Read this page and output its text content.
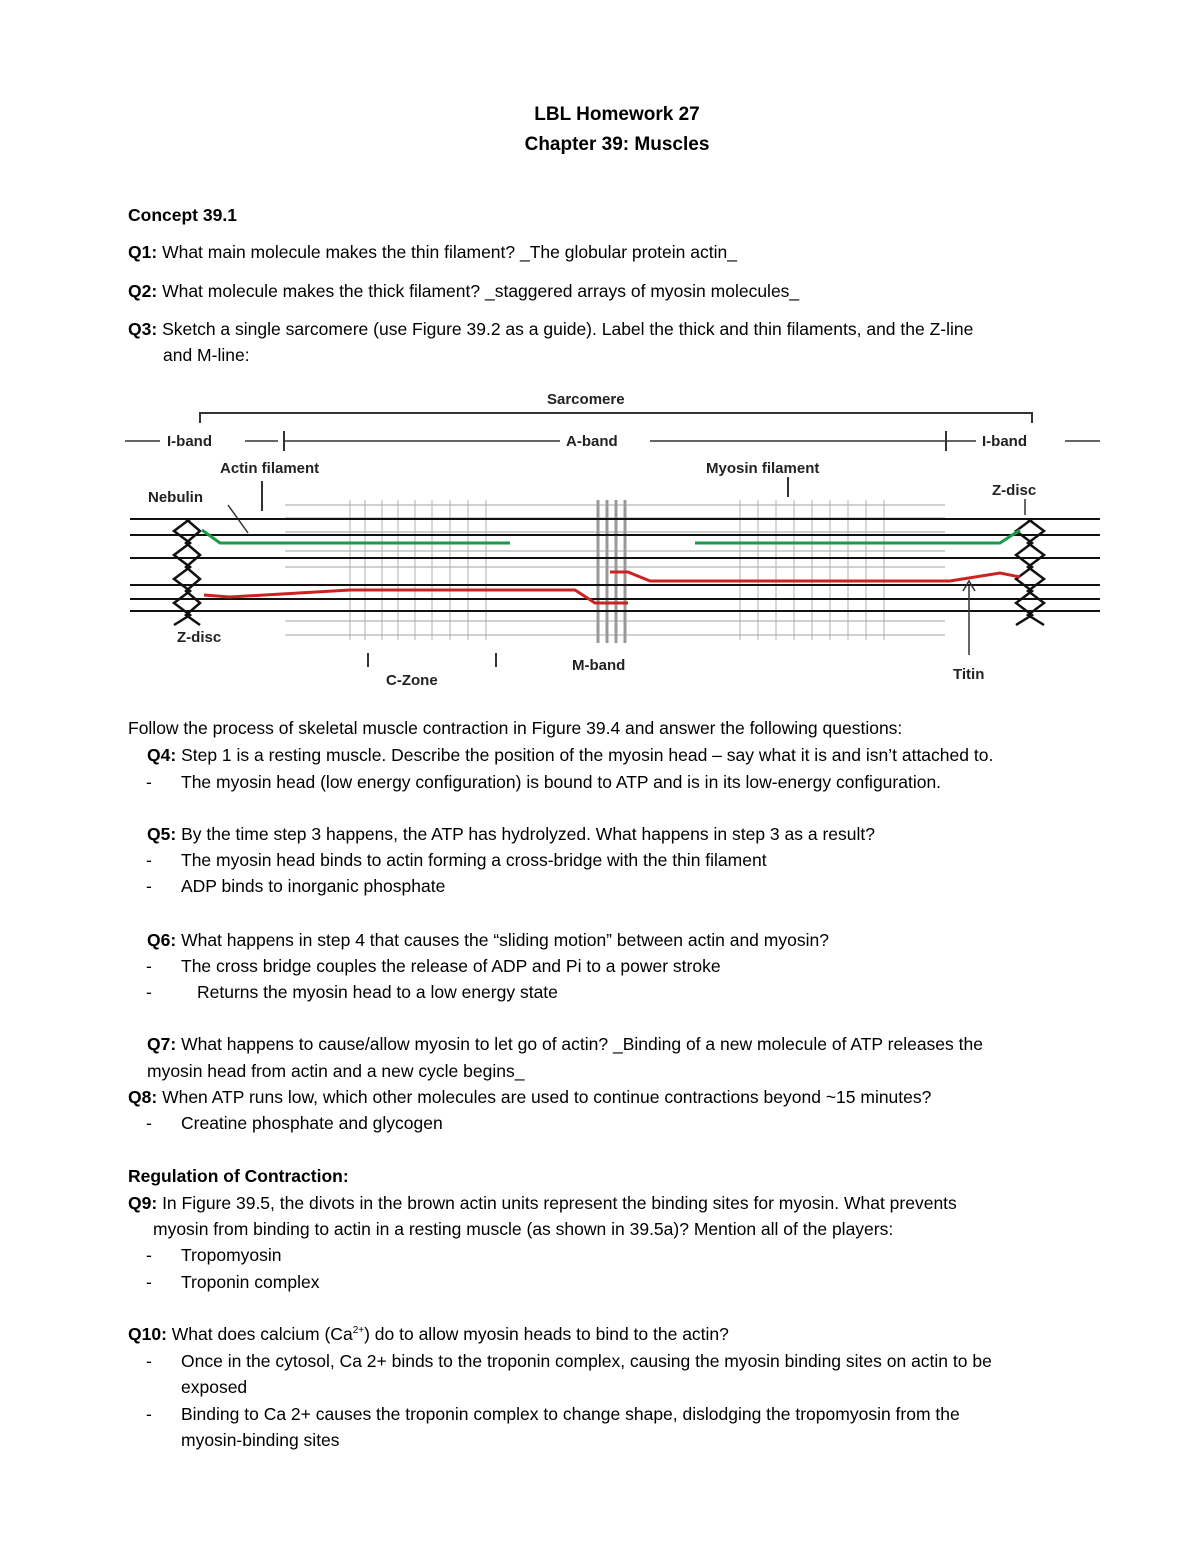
LBL Homework 27
Chapter 39: Muscles
Concept 39.1
Q1: What main molecule makes the thin filament? _The globular protein actin_
Q2: What molecule makes the thick filament? _staggered arrays of myosin molecules_
Q3: Sketch a single sarcomere (use Figure 39.2 as a guide). Label the thick and thin filaments, and the Z-line
and M-line:
Sarcomere
I-band	A-band	I-band
Actin filament	Myosin filament
Nebulin	Z-disc
Z-disc
C-Zone
M-band
Titin
Follow the process of skeletal muscle contraction in Figure 39.4 and answer the following questions:
Q4: Step 1 is a resting muscle. Describe the position of the myosin head – say what it is and isn’t attached to.
- The myosin head (low energy configuration) is bound to ATP and is in its low-energy configuration.
Q5: By the time step 3 happens, the ATP has hydrolyzed. What happens in step 3 as a result?
- The myosin head binds to actin forming a cross-bridge with the thin filament
- ADP binds to inorganic phosphate
Q6: What happens in step 4 that causes the “sliding motion” between actin and myosin?
- The cross bridge couples the release of ADP and Pi to a power stroke
-	Returns the myosin head to a low energy state
Q7: What happens to cause/allow myosin to let go of actin? _Binding of a new molecule of ATP releases the
myosin head from actin and a new cycle begins_
Q8: When ATP runs low, which other molecules are used to continue contractions beyond ~15 minutes?
- Creatine phosphate and glycogen
Regulation of Contraction:
Q9: In Figure 39.5, the divots in the brown actin units represent the binding sites for myosin. What prevents
myosin from binding to actin in a resting muscle (as shown in 39.5a)? Mention all of the players:
- Tropomyosin
- Troponin complex
Q10: What does calcium $(Ca^{2+})$ do to allow myosin heads to bind to the actin?
- Once in the cytosol, Ca 2+ binds to the troponin complex, causing the myosin binding sites on actin to be
exposed
- Binding to Ca 2+ causes the troponin complex to change shape, dislodging the tropomyosin from the
myosin-binding sites
